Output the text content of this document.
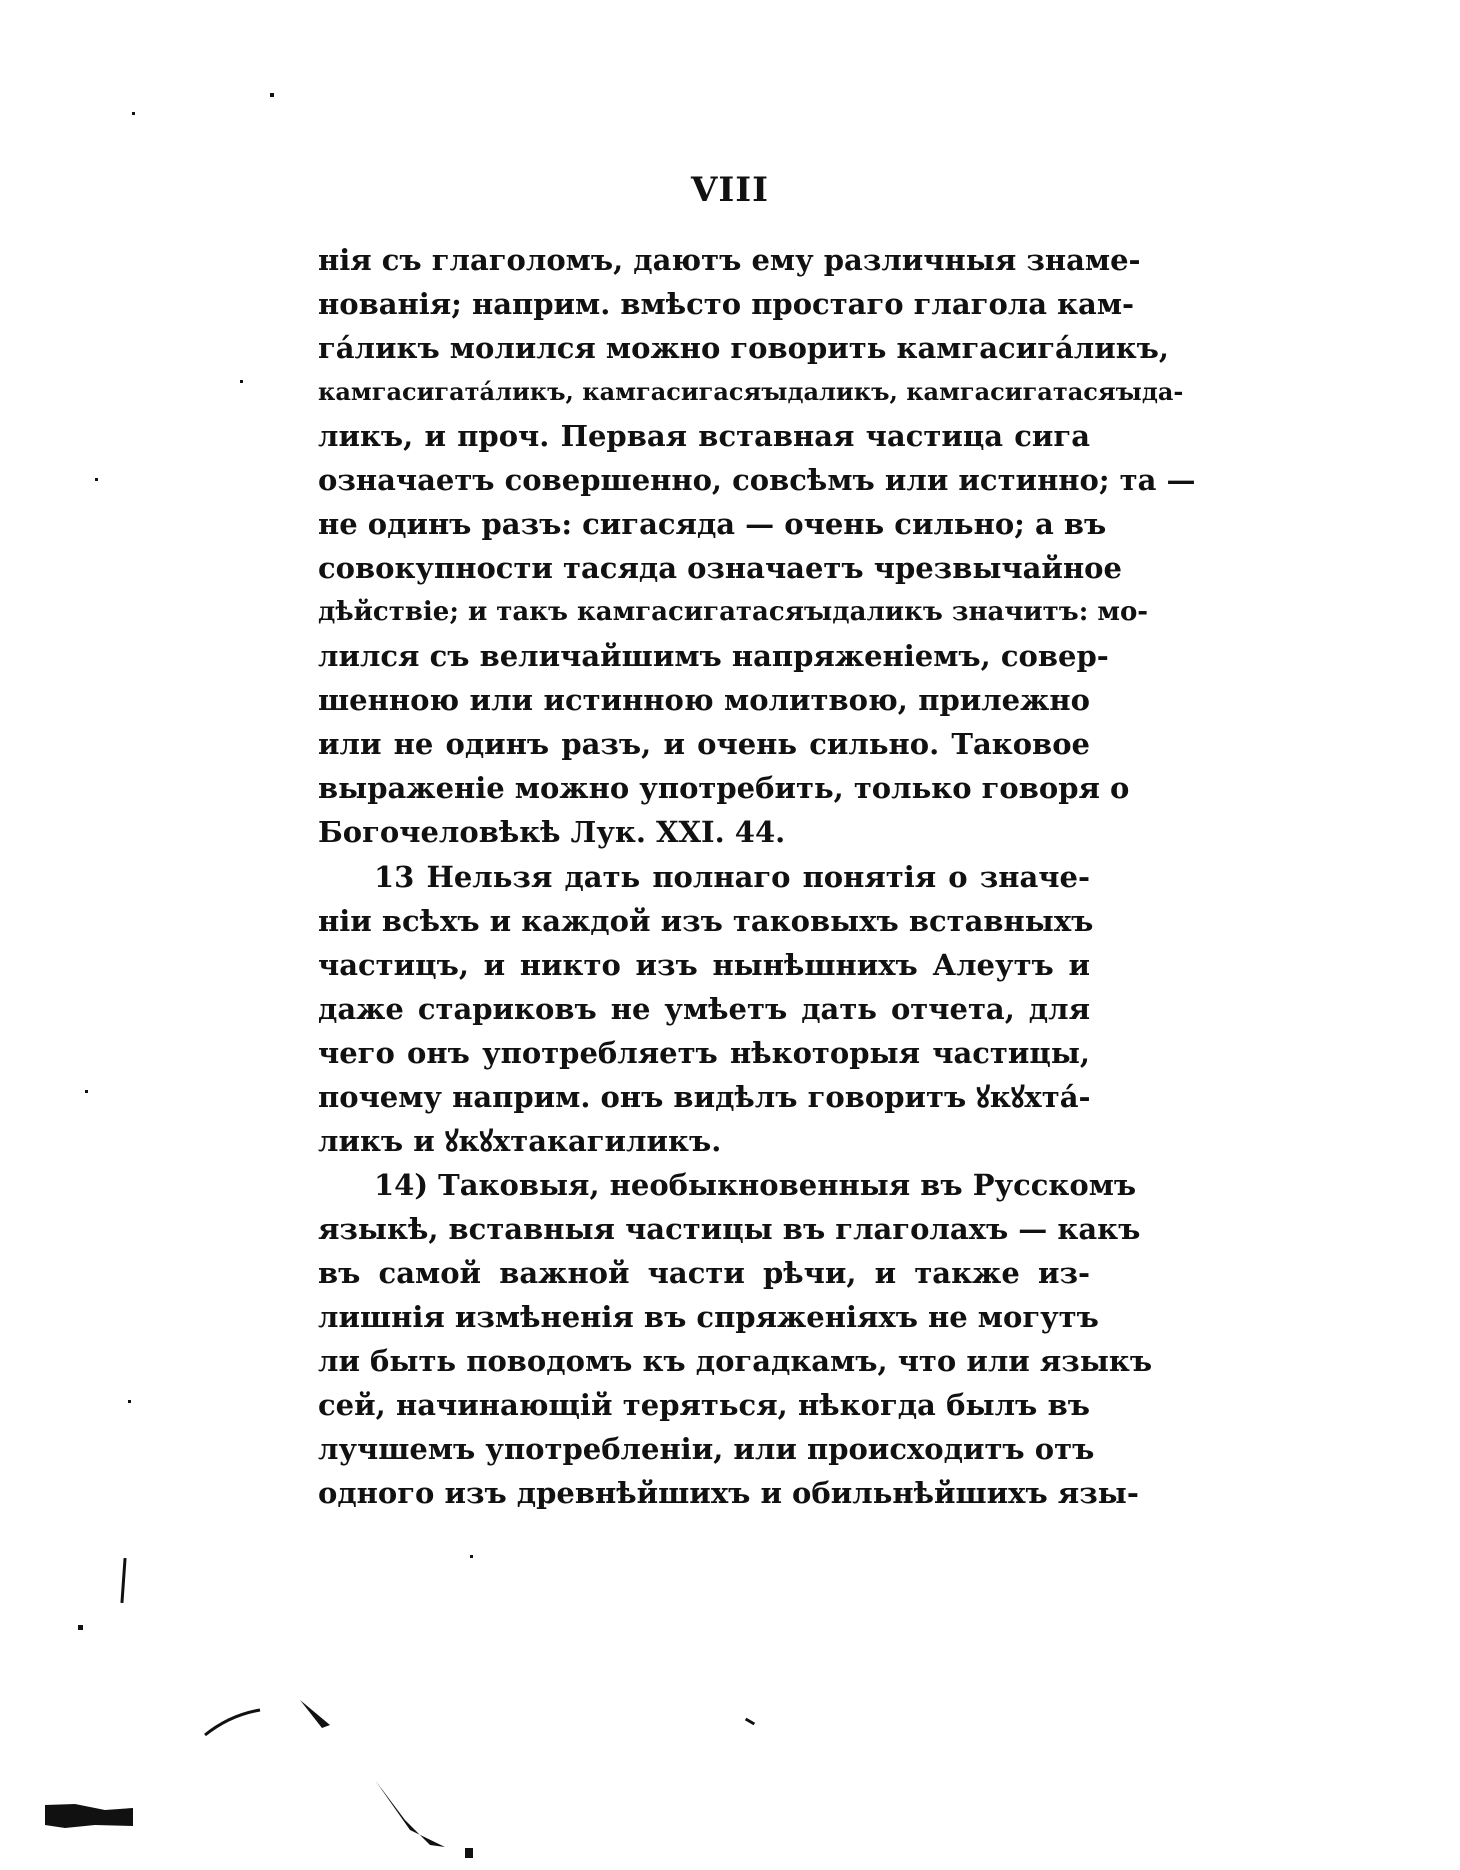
VIII
нія съ глаголомъ, даютъ ему различныя знаме-
нованія; наприм. вмѣсто простаго глагола кам-
гáликъ молился можно говорить камгасигáликъ,
камгасигатáликъ, камгасигасяꙑдаликъ, камгасигатасяꙑда-
ликъ, и проч. Первая вставная частица сига
означаетъ совершенно, совсѣмъ или истинно; та —
не одинъ разъ: сигасяда — очень сильно; а въ
совокупности тасяда означаетъ чрезвычайное
дѣйствіе; и такъ камгасигатасяꙑдаликъ значитъ: мо-
лился съ величайшимъ напряженіемъ, совер-
шенною или истинною молитвою, прилежно
или не одинъ разъ, и очень сильно. Таковое
выраженіе можно употребить, только говоря о
Богочеловѣкѣ Лук. XXI. 44.
13 Нельзя дать полнаго понятія о значе-
ніи всѣхъ и каждой изъ таковыхъ вставныхъ
частицъ, и никто изъ нынѣшнихъ Алеутъ и
даже стариковъ не умѣетъ дать отчета, для
чего онъ употребляетъ нѣкоторыя частицы,
почему наприм. онъ видѣлъ говоритъ ꙋкꙋхтá-
ликъ и ꙋкꙋхтакагиликъ.
14) Таковыя, необыкновенныя въ Русскомъ
языкѣ, вставныя частицы въ глаголахъ — какъ
въ самой важной части рѣчи, и также из-
лишнія измѣненія въ спряженіяхъ не могутъ
ли быть поводомъ къ догадкамъ, что или языкъ
сей, начинающій теряться, нѣкогда былъ въ
лучшемъ употребленіи, или происходитъ отъ
одного изъ древнѣйшихъ и обильнѣйшихъ язы-
